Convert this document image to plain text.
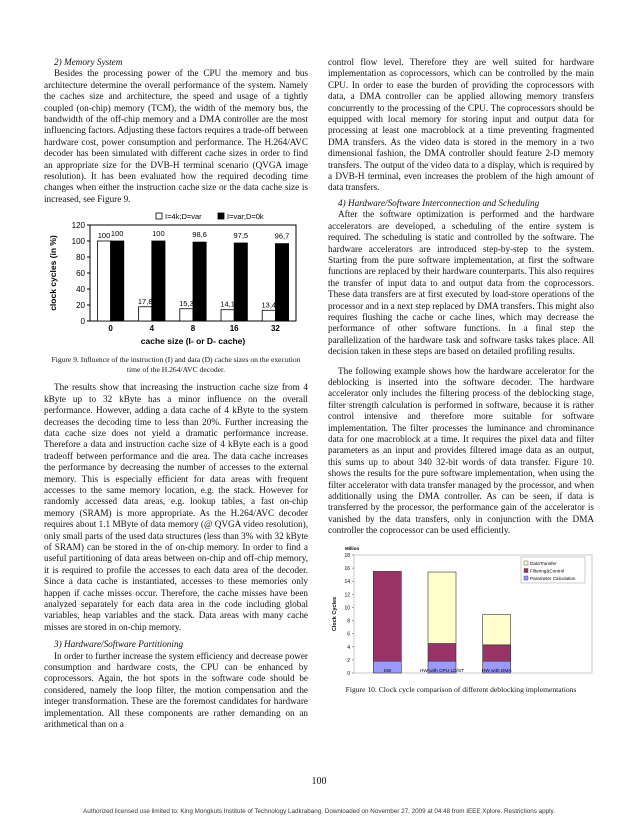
2) Memory System

Besides the processing power of the CPU the memory and bus architecture determine the overall performance of the system. Namely the caches size and architecture, the speed and usage of a tightly coupled (on-chip) memory (TCM), the width of the memory bus, the bandwidth of the off-chip memory and a DMA controller are the most influencing factors. Adjusting these factors requires a trade-off between hardware cost, power consumption and performance. The H.264/AVC decoder has been simulated with different cache sizes in order to find an appropriate size for the DVB-H terminal scenario (QVGA image resolution). It has been evaluated how the required decoding time changes when either the instruction cache size or the data cache size is increased, see Figure 9.

0
20
40
60
80
100
120
0
100 100
4
17,8
100
8
15,3
98,6
16
14,1
97,5
32
13,4
96,7
cache size (I- or D- cache)
clock cycles (in %)
I=4k;D=var	I=var;D=0k

Figure 9. Influence of the instruction (I) and data (D) cache sizes on the execution time of the H.264/AVC decoder.

The results show that increasing the instruction cache size from 4 kByte up to 32 kByte has a minor influence on the overall performance. However, adding a data cache of 4 kByte to the system decreases the decoding time to less than 20%. Further increasing the data cache size does not yield a dramatic performance increase. Therefore a data and instruction cache size of 4 kByte each is a good tradeoff between performance and die area. The data cache increases the performance by decreasing the number of accesses to the external memory. This is especially efficient for data areas with frequent accesses to the same memory location, e.g. the stack. However for randomly accessed data areas, e.g. lookup tables, a fast on-chip memory (SRAM) is more appropriate. As the H.264/AVC decoder requires about 1.1 MByte of data memory (@ QVGA video resolution), only small parts of the used data structures (less than 3% with 32 kByte of SRAM) can be stored in the of on-chip memory. In order to find a useful partitioning of data areas between on-chip and off-chip memory, it is required to profile the accesses to each data area of the decoder. Since a data cache is instantiated, accesses to these memories only happen if cache misses occur. Therefore, the cache misses have been analyzed separately for each data area in the code including global variables, heap variables and the stack. Data areas with many cache misses are stored in on-chip memory.

3) Hardware/Software Partitioning

In order to further increase the system efficiency and decrease power consumption and hardware costs, the CPU can be enhanced by coprocessors. Again, the hot spots in the software code should be considered, namely the loop filter, the motion compensation and the integer transformation. These are the foremost candidates for hardware implementation. All these components are rather demanding on an arithmetical than on a

control flow level. Therefore they are well suited for hardware implementation as coprocessors, which can be controlled by the main CPU. In order to ease the burden of providing the coprocessors with data, a DMA controller can be applied allowing memory transfers concurrently to the processing of the CPU. The coprocessors should be equipped with local memory for storing input and output data for processing at least one macroblock at a time preventing fragmented DMA transfers. As the video data is stored in the memory in a two dimensional fashion, the DMA controller should feature 2-D memory transfers. The output of the video data to a display, which is required by a DVB-H terminal, even increases the problem of the high amount of data transfers.

4) Hardware/Software Interconnection and Scheduling

After the software optimization is performed and the hardware accelerators are developed, a scheduling of the entire system is required. The scheduling is static and controlled by the software. The hardware accelerators are introduced step-by-step to the system. Starting from the pure software implementation, at first the software functions are replaced by their hardware counterparts. This also requires the transfer of input data to and output data from the coprocessors. These data transfers are at first executed by load-store operations of the processor and in a next step replaced by DMA transfers. This might also requires flushing the cache or cache lines, which may decrease the performance of other software functions. In a final step the parallelization of the hardware task and software tasks takes place. All decision taken in these steps are based on detailed profiling results.

The following example shows how the hardware accelerator for the deblocking is inserted into the software decoder. The hardware accelerator only includes the filtering process of the deblocking stage, filter strength calculation is performed in software, because it is rather control intensive and therefore more suitable for software implementation. The filter processes the luminance and chrominance data for one macroblock at a time. It requires the pixel data and filter parameters as an input and provides filtered image data as an output, this sums up to about 340 32-bit words of data transfer. Figure 10. shows the results for the pure software implementation, when using the filter accelerator with data transfer managed by the processor, and when additionally using the DMA controller. As can be seen, if data is transferred by the processor, the performance gain of the accelerator is vanished by the data transfers, only in conjunction with the DMA controller the coprocessor can be used efficiently.

Million
0
2
4
6
8
10
12
14
16
18
Clock Cycles
SW	HW with CPU LD/ST	HW with DMA
DataTransfer
Filtering&Control
Parameter Calculation

Figure 10. Clock cycle comparison of different deblocking implementations

100
Authorized licensed use limited to: King Mongkuts Institute of Technology Ladkrabang. Downloaded on November 27, 2009 at 04:48 from IEEE Xplore. Restrictions apply.
